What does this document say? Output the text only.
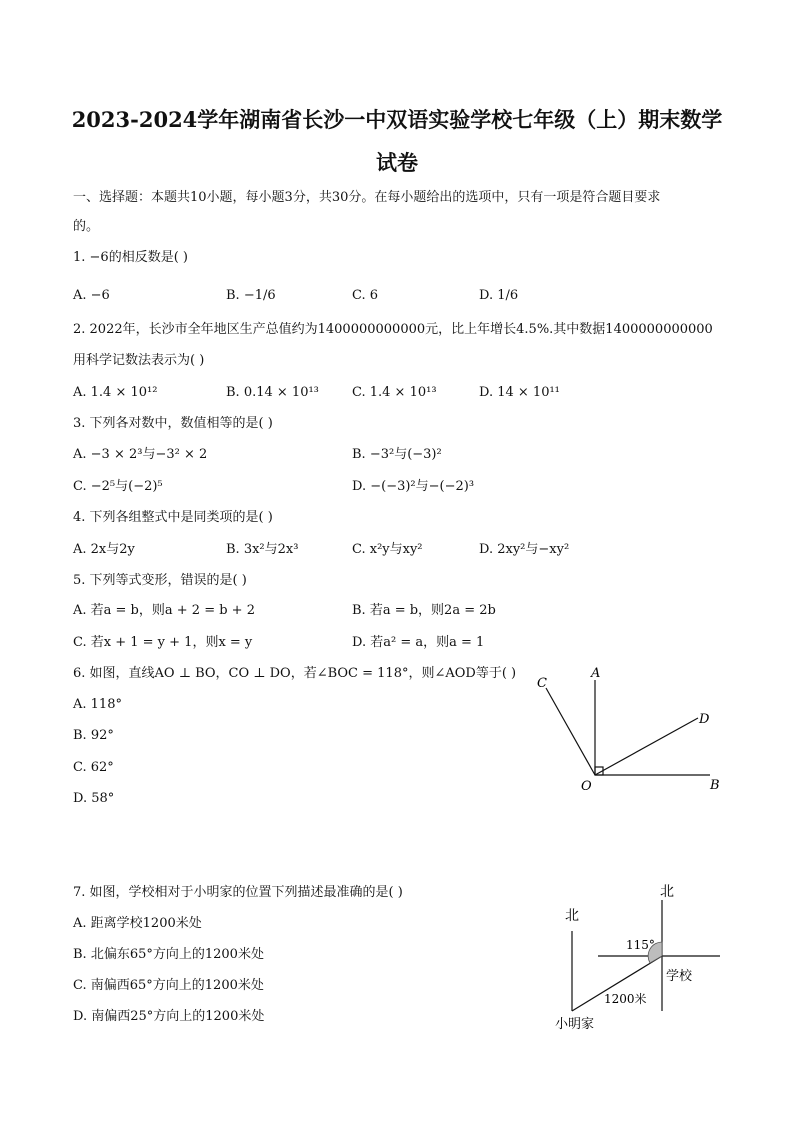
2023-2024学年湖南省长沙一中双语实验学校七年级（上）期末数学
试卷
一、选择题：本题共10小题，每小题3分，共30分。在每小题给出的选项中，只有一项是符合题目要求
的。
1. −6的相反数是( )
A. −6	B. −1/6	C. 6	D. 1/6
2. 2022年，长沙市全年地区生产总值约为1400000000000元，比上年增长4.5%.其中数据1400000000000
用科学记数法表示为( )
A. 1.4 × 10¹²	B. 0.14 × 10¹³	C. 1.4 × 10¹³	D. 14 × 10¹¹
3. 下列各对数中，数值相等的是( )
A. −3 × 2³与−3² × 2	B. −3²与(−3)²
C. −2⁵与(−2)⁵	D. −(−3)²与−(−2)³
4. 下列各组整式中是同类项的是( )
A. 2x与2y	B. 3x²与2x³	C. x²y与xy²	D. 2xy²与−xy²
5. 下列等式变形，错误的是( )
A. 若a = b，则a + 2 = b + 2	B. 若a = b，则2a = 2b
C. 若x + 1 = y + 1，则x = y	D. 若a² = a，则a = 1
6. 如图，直线AO ⊥ BO，CO ⊥ DO，若∠BOC = 118°，则∠AOD等于( )
A. 118°
B. 92°
C. 62°
D. 58°
A
B
C
D
O
7. 如图，学校相对于小明家的位置下列描述最准确的是( )
A. 距离学校1200米处
B. 北偏东65°方向上的1200米处
C. 南偏西65°方向上的1200米处
D. 南偏西25°方向上的1200米处
北
北
115°
学校
1200米
小明家
